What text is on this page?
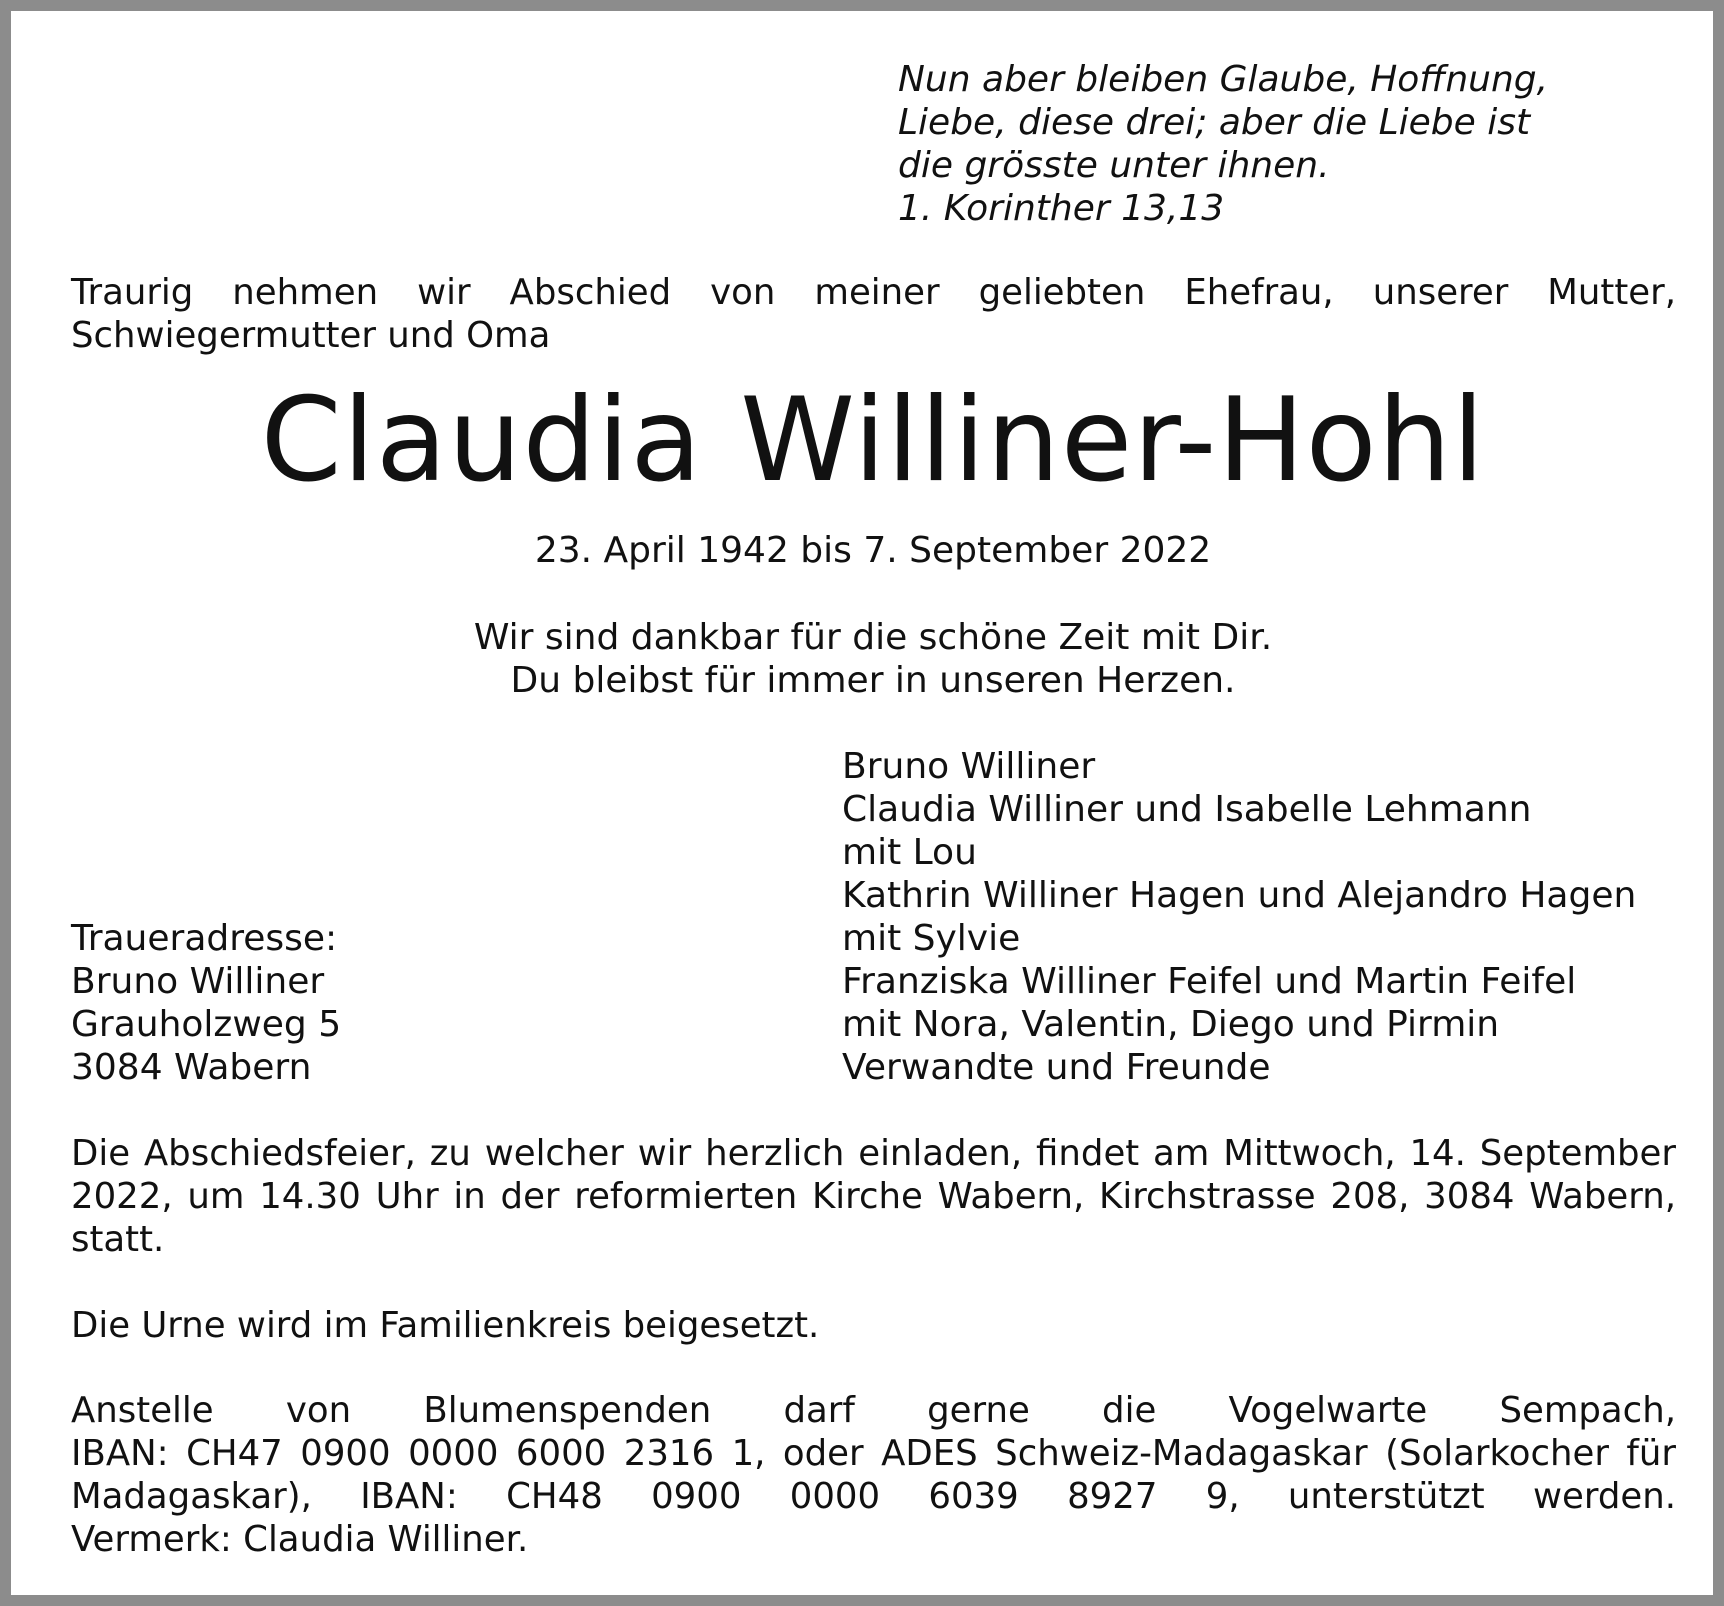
Nun aber bleiben Glaube, Hoffnung,
Liebe, diese drei; aber die Liebe ist
die grösste unter ihnen.
1. Korinther 13,13
Traurig nehmen wir Abschied von meiner geliebten Ehefrau, unserer Mutter,
Schwiegermutter und Oma
Claudia Williner-Hohl
23. April 1942 bis 7. September 2022
Wir sind dankbar für die schöne Zeit mit Dir.
Du bleibst für immer in unseren Herzen.
Bruno Williner
Claudia Williner und Isabelle Lehmann
mit Lou
Kathrin Williner Hagen und Alejandro Hagen
mit Sylvie
Franziska Williner Feifel und Martin Feifel
mit Nora, Valentin, Diego und Pirmin
Verwandte und Freunde
Traueradresse:
Bruno Williner
Grauholzweg 5
3084 Wabern
Die Abschiedsfeier, zu welcher wir herzlich einladen, findet am Mittwoch, 14. September
2022, um 14.30 Uhr in der reformierten Kirche Wabern, Kirchstrasse 208, 3084 Wabern,
statt.
Die Urne wird im Familienkreis beigesetzt.
Anstelle von Blumenspenden darf gerne die Vogelwarte Sempach,
IBAN: CH47 0900 0000 6000 2316 1, oder ADES Schweiz-Madagaskar (Solarkocher für
Madagaskar), IBAN: CH48 0900 0000 6039 8927 9, unterstützt werden.
Vermerk: Claudia Williner.
